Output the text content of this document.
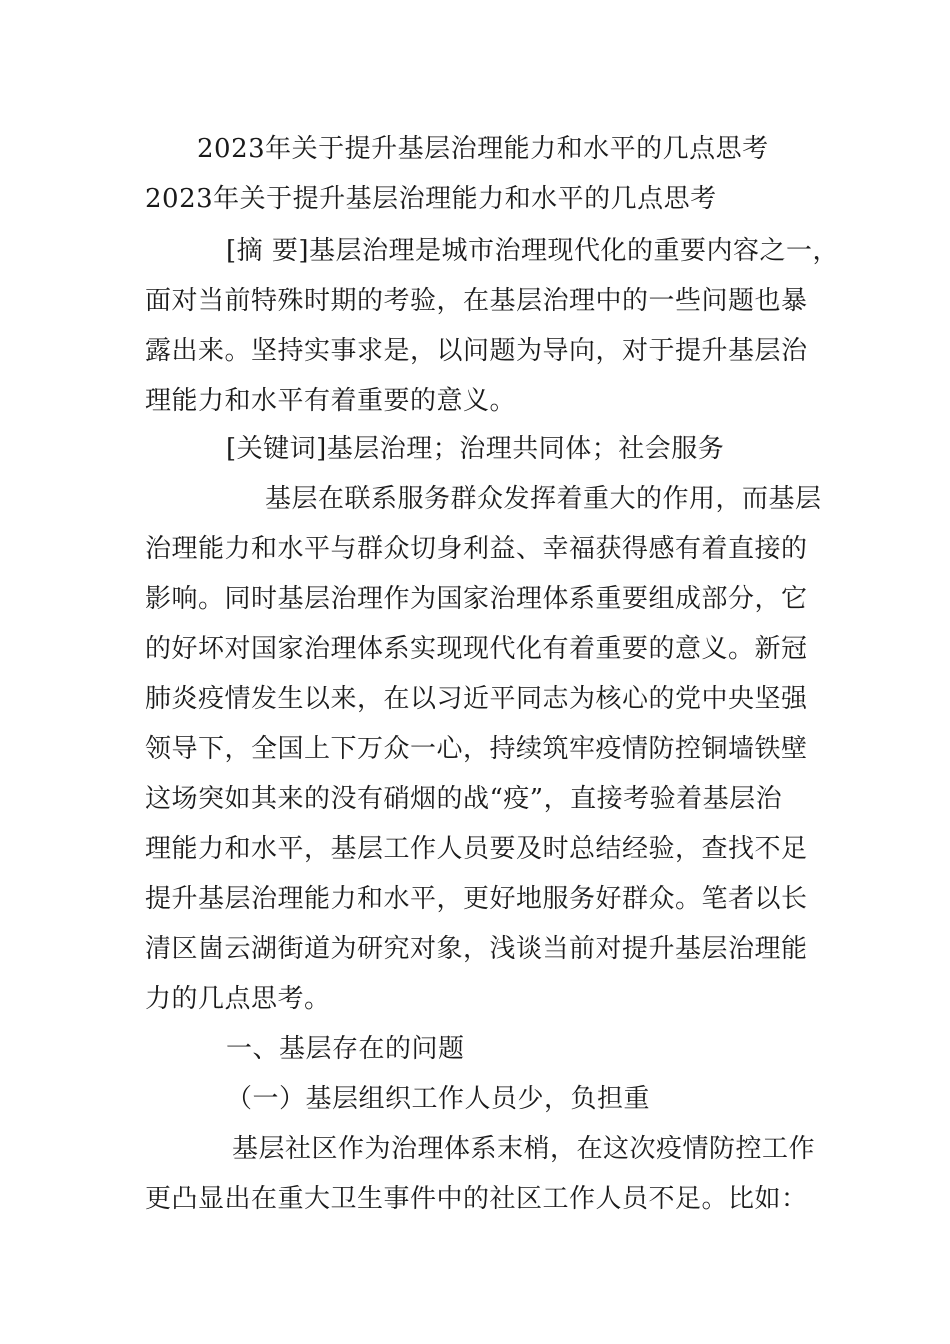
2023年关于提升基层治理能力和水平的几点思考
2023年关于提升基层治理能力和水平的几点思考
[摘 要]基层治理是城市治理现代化的重要内容之一，
面对当前特殊时期的考验，在基层治理中的一些问题也暴
露出来。坚持实事求是，以问题为导向，对于提升基层治
理能力和水平有着重要的意义。
[关键词]基层治理；治理共同体；社会服务
基层在联系服务群众发挥着重大的作用，而基层
治理能力和水平与群众切身利益、幸福获得感有着直接的
影响。同时基层治理作为国家治理体系重要组成部分，它
的好坏对国家治理体系实现现代化有着重要的意义。新冠
肺炎疫情发生以来，在以习近平同志为核心的党中央坚强
领导下，全国上下万众一心，持续筑牢疫情防控铜墙铁壁
这场突如其来的没有硝烟的战“疫”，直接考验着基层治
理能力和水平，基层工作人员要及时总结经验，查找不足
提升基层治理能力和水平，更好地服务好群众。笔者以长
清区崮云湖街道为研究对象，浅谈当前对提升基层治理能
力的几点思考。
一、基层存在的问题
（一）基层组织工作人员少，负担重
基层社区作为治理体系末梢，在这次疫情防控工作
更凸显出在重大卫生事件中的社区工作人员不足。比如：
